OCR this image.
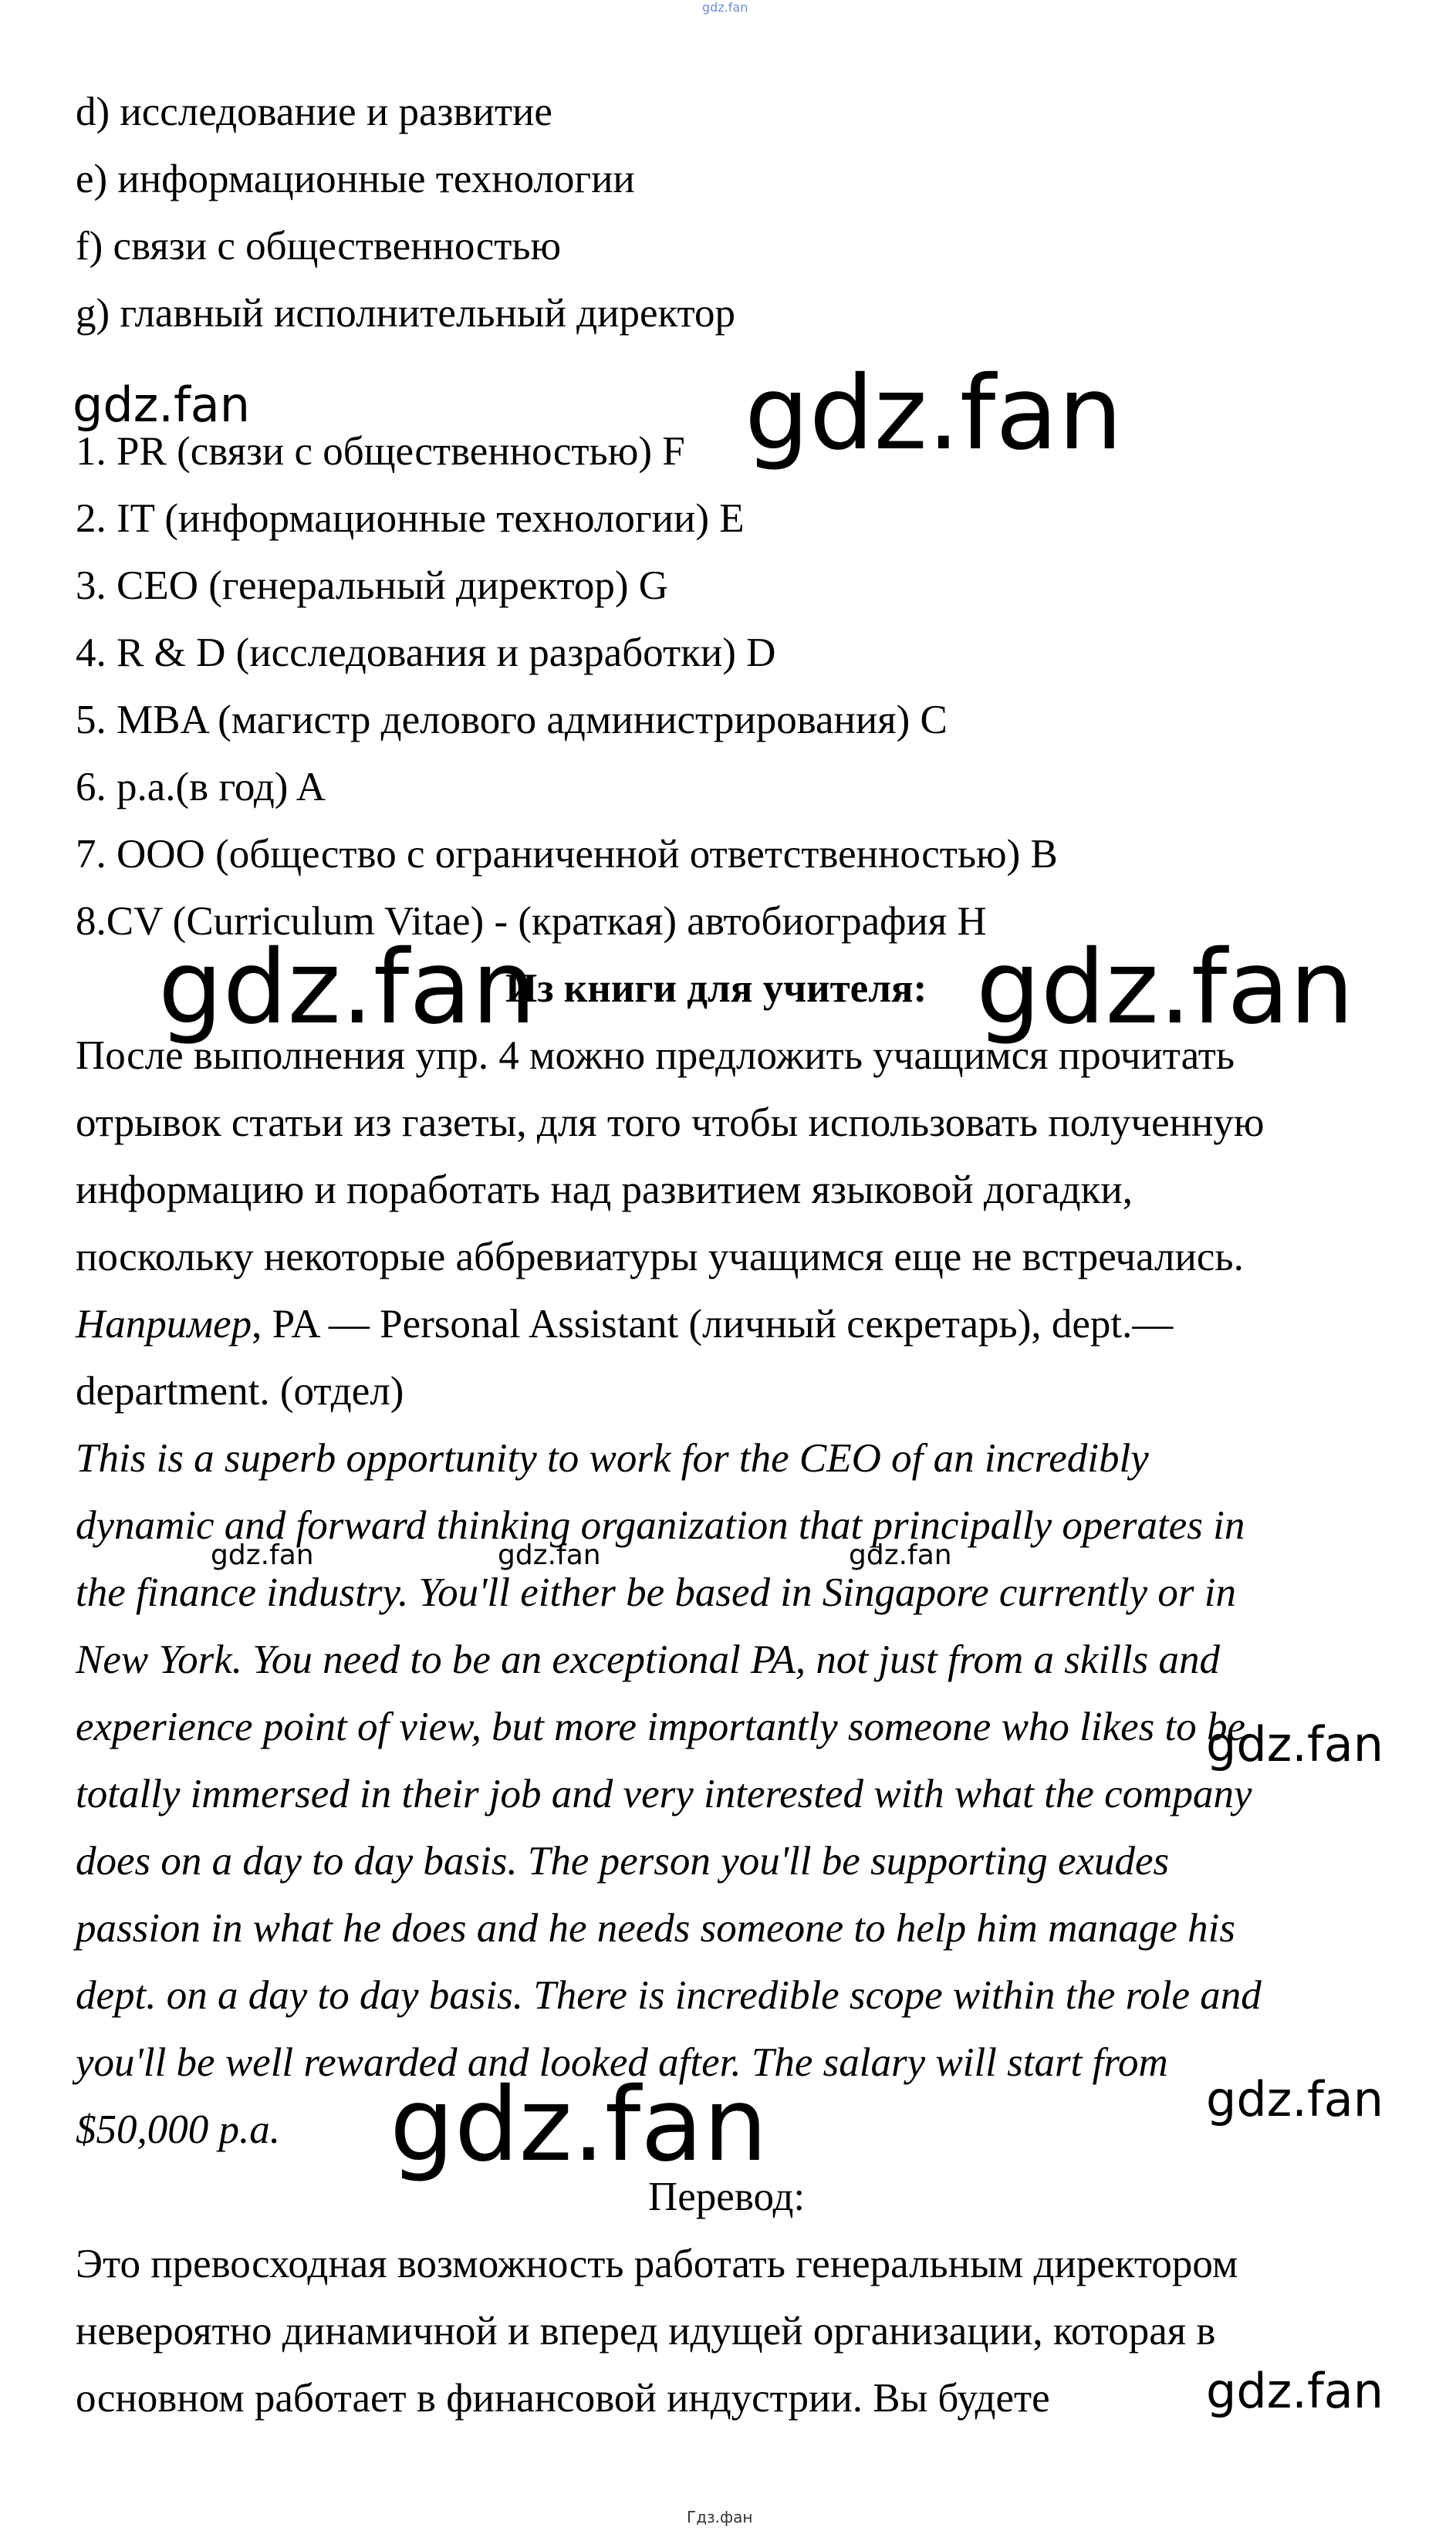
gdz.fan
d) исследование и развитие
e) информационные технологии
f) связи с общественностью
g) главный исполнительный директор
1. PR (связи с общественностью) F
2. IT (информационные технологии) E
3. CEO (генеральный директор) G
4. R & D (исследования и разработки) D
5. MBA (магистр делового администрирования) C
6. p.a.(в год) A
7. ООО (общество с ограниченной ответственностью) B
8.CV (Curriculum Vitae) - (краткая) автобиография H
Из книги для учителя:
После выполнения упр. 4 можно предложить учащимся прочитать
отрывок статьи из газеты, для того чтобы использовать полученную
информацию и поработать над развитием языковой догадки,
поскольку некоторые аббревиатуры учащимся еще не встречались.
Например, PA — Personal Assistant (личный секретарь), dept.—
department. (отдел)
This is a superb opportunity to work for the CEO of an incredibly
dynamic and forward thinking organization that principally operates in
the finance industry. You'll either be based in Singapore currently or in
New York. You need to be an exceptional PA, not just from a skills and
experience point of view, but more importantly someone who likes to be
totally immersed in their job and very interested with what the company
does on a day to day basis. The person you'll be supporting exudes
passion in what he does and he needs someone to help him manage his
dept. on a day to day basis. There is incredible scope within the role and
you'll be well rewarded and looked after. The salary will start from
$50,000 p.a.
Перевод:
Это превосходная возможность работать генеральным директором
невероятно динамичной и вперед идущей организации, которая в
основном работает в финансовой индустрии. Вы будете
gdz.fan	gdz.fan
gdz.fan	gdz.fan
gdz.fan	gdz.fan	gdz.fan
gdz.fan
gdz.fan	gdz.fan
gdz.fan
Гдз.фан
